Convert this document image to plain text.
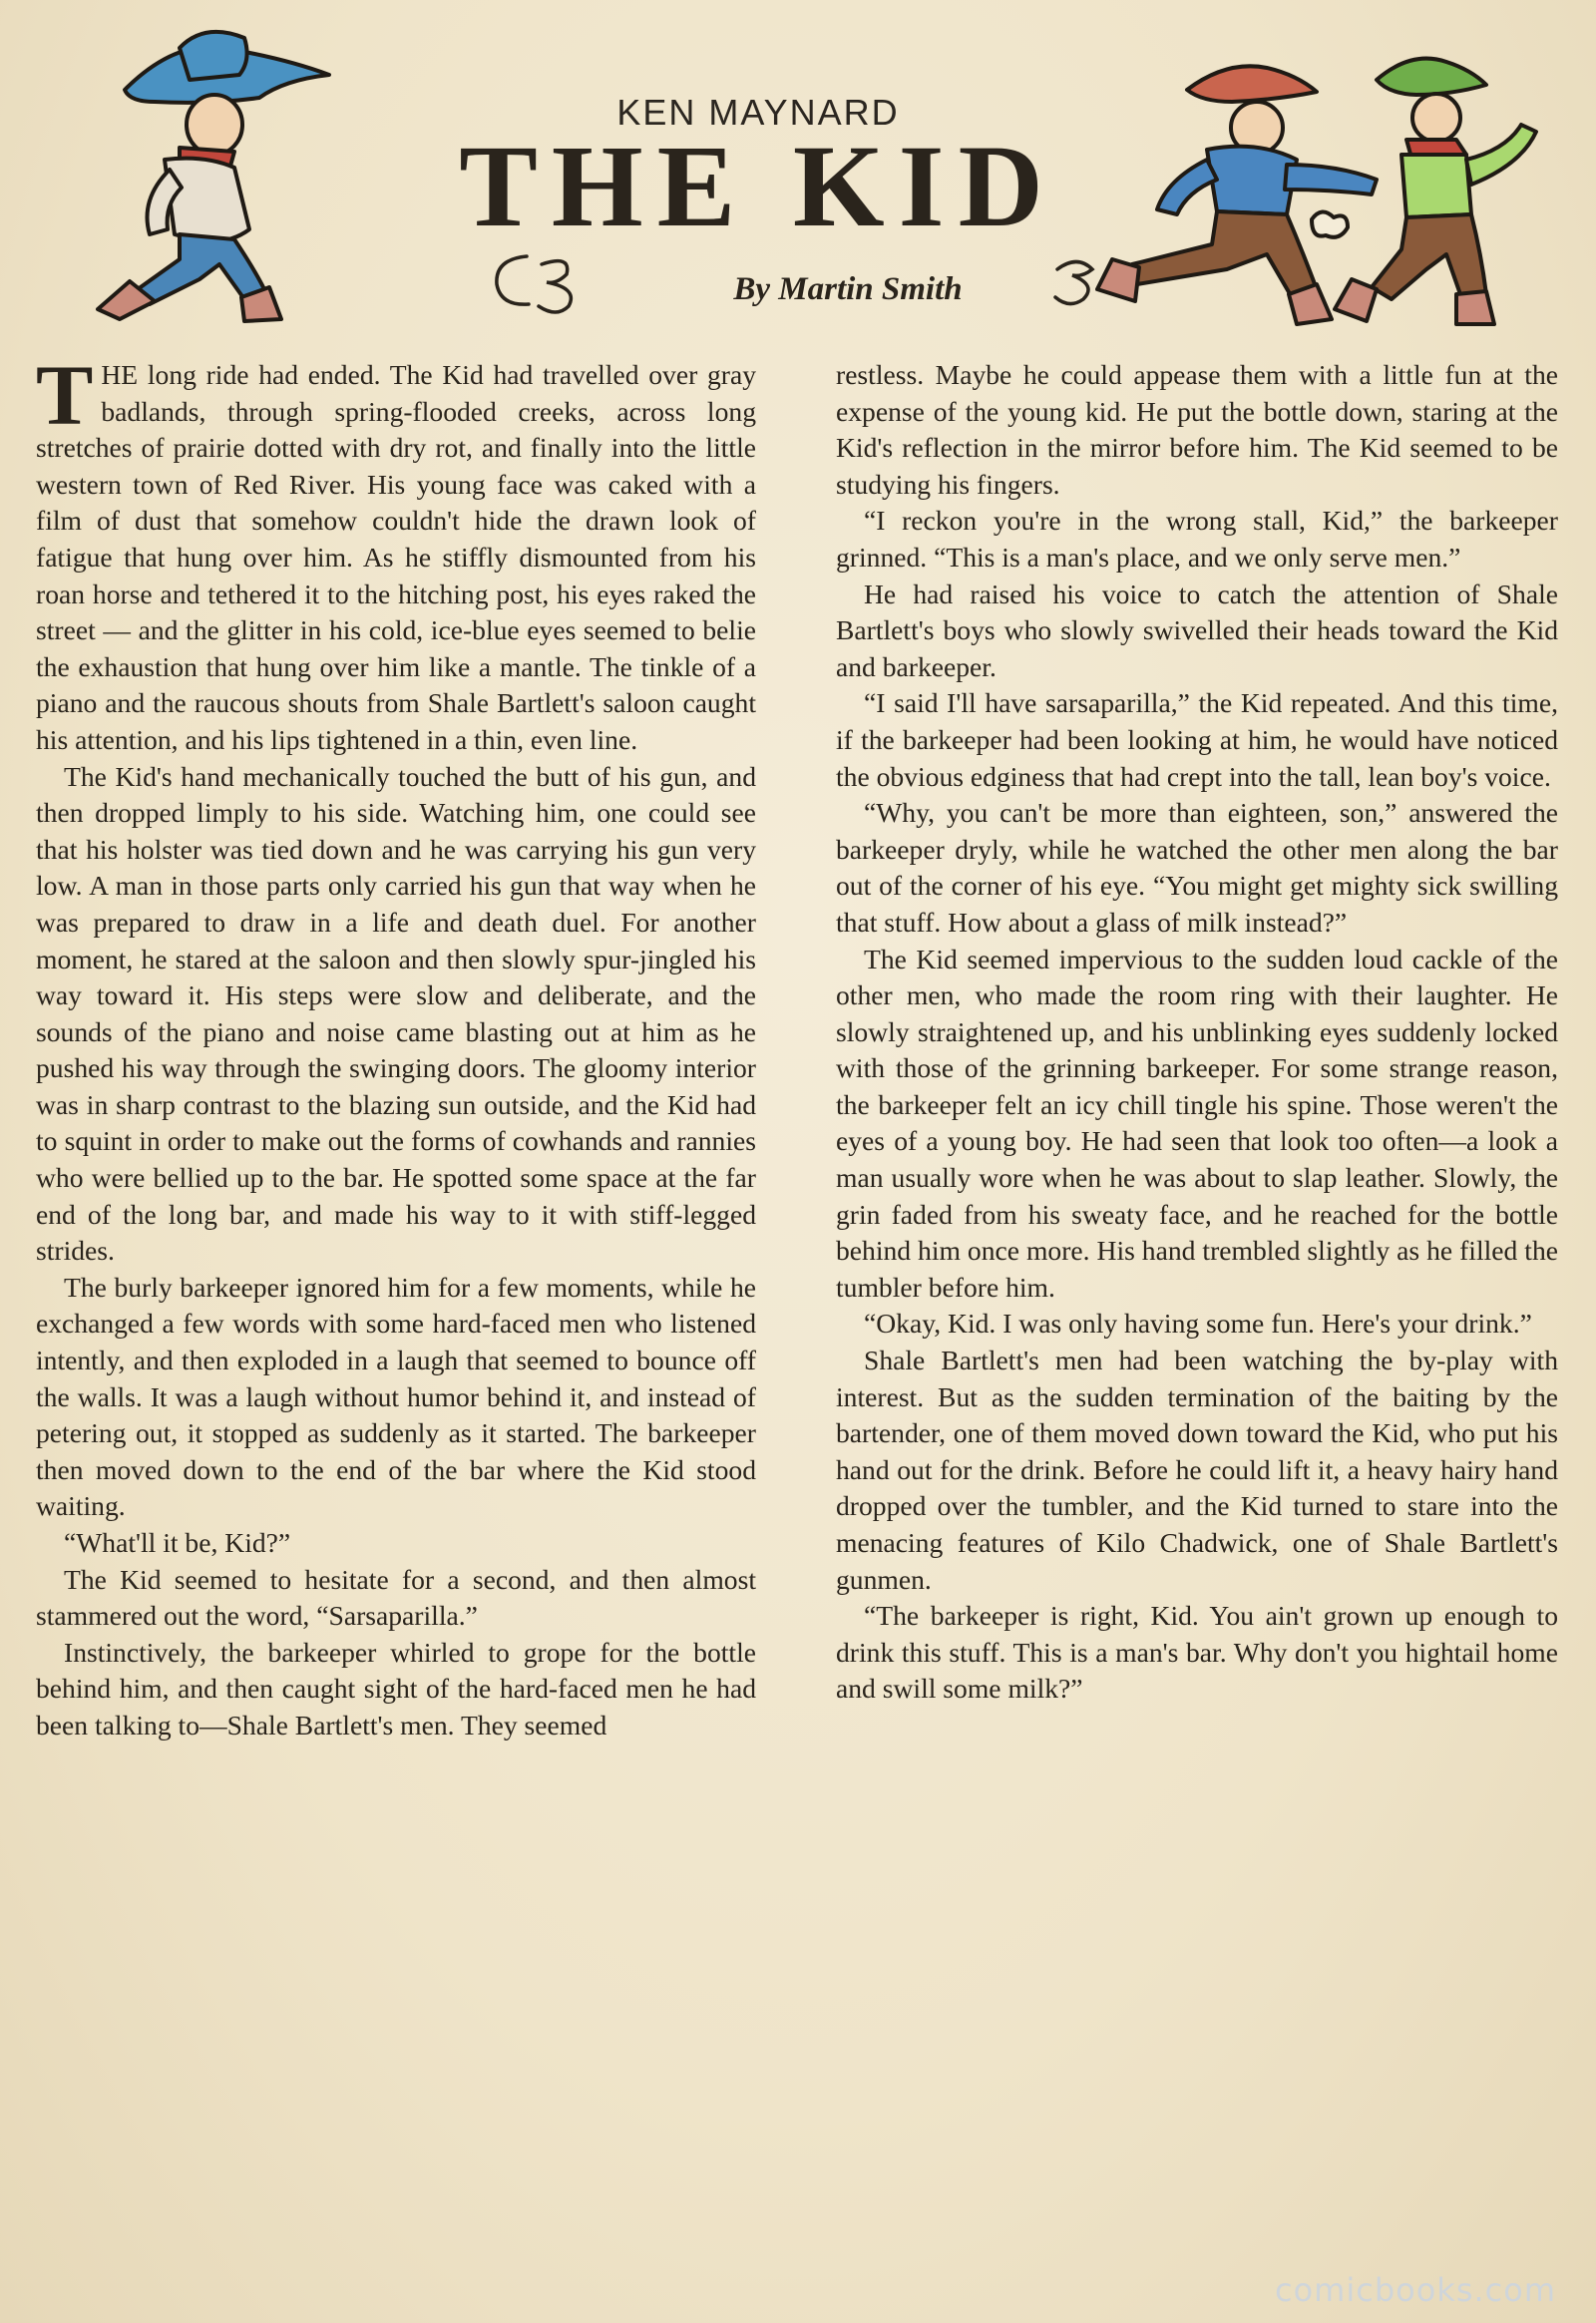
KEN MAYNARD
THE KID
By Martin Smith

THE long ride had ended. The Kid had travelled over gray badlands, through spring-flooded creeks, across long stretches of prairie dotted with dry rot, and finally into the little western town of Red River. His young face was caked with a film of dust that somehow couldn't hide the drawn look of fatigue that hung over him. As he stiffly dismounted from his roan horse and tethered it to the hitching post, his eyes raked the street — and the glitter in his cold, ice-blue eyes seemed to belie the exhaustion that hung over him like a mantle. The tinkle of a piano and the raucous shouts from Shale Bartlett's saloon caught his attention, and his lips tightened in a thin, even line.

The Kid's hand mechanically touched the butt of his gun, and then dropped limply to his side. Watching him, one could see that his holster was tied down and he was carrying his gun very low. A man in those parts only carried his gun that way when he was prepared to draw in a life and death duel. For another moment, he stared at the saloon and then slowly spur-jingled his way toward it. His steps were slow and deliberate, and the sounds of the piano and noise came blasting out at him as he pushed his way through the swinging doors. The gloomy interior was in sharp contrast to the blazing sun outside, and the Kid had to squint in order to make out the forms of cowhands and rannies who were bellied up to the bar. He spotted some space at the far end of the long bar, and made his way to it with stiff-legged strides.

The burly barkeeper ignored him for a few moments, while he exchanged a few words with some hard-faced men who listened intently, and then exploded in a laugh that seemed to bounce off the walls. It was a laugh without humor behind it, and instead of petering out, it stopped as suddenly as it started. The barkeeper then moved down to the end of the bar where the Kid stood waiting.

“What'll it be, Kid?”

The Kid seemed to hesitate for a second, and then almost stammered out the word, “Sarsaparilla.”

Instinctively, the barkeeper whirled to grope for the bottle behind him, and then caught sight of the hard-faced men he had been talking to—Shale Bartlett's men. They seemed

restless. Maybe he could appease them with a little fun at the expense of the young kid. He put the bottle down, staring at the Kid's reflection in the mirror before him. The Kid seemed to be studying his fingers.

“I reckon you're in the wrong stall, Kid,” the barkeeper grinned. “This is a man's place, and we only serve men.”

He had raised his voice to catch the attention of Shale Bartlett's boys who slowly swivelled their heads toward the Kid and barkeeper.

“I said I'll have sarsaparilla,” the Kid repeated. And this time, if the barkeeper had been looking at him, he would have noticed the obvious edginess that had crept into the tall, lean boy's voice.

“Why, you can't be more than eighteen, son,” answered the barkeeper dryly, while he watched the other men along the bar out of the corner of his eye. “You might get mighty sick swilling that stuff. How about a glass of milk instead?”

The Kid seemed impervious to the sudden loud cackle of the other men, who made the room ring with their laughter. He slowly straightened up, and his unblinking eyes suddenly locked with those of the grinning barkeeper. For some strange reason, the barkeeper felt an icy chill tingle his spine. Those weren't the eyes of a young boy. He had seen that look too often—a look a man usually wore when he was about to slap leather. Slowly, the grin faded from his sweaty face, and he reached for the bottle behind him once more. His hand trembled slightly as he filled the tumbler before him.

“Okay, Kid. I was only having some fun. Here's your drink.”

Shale Bartlett's men had been watching the by-play with interest. But as the sudden termination of the baiting by the bartender, one of them moved down toward the Kid, who put his hand out for the drink. Before he could lift it, a heavy hairy hand dropped over the tumbler, and the Kid turned to stare into the menacing features of Kilo Chadwick, one of Shale Bartlett's gunmen.

“The barkeeper is right, Kid. You ain't grown up enough to drink this stuff. This is a man's bar. Why don't you hightail home and swill some milk?”

comicbooks.com
